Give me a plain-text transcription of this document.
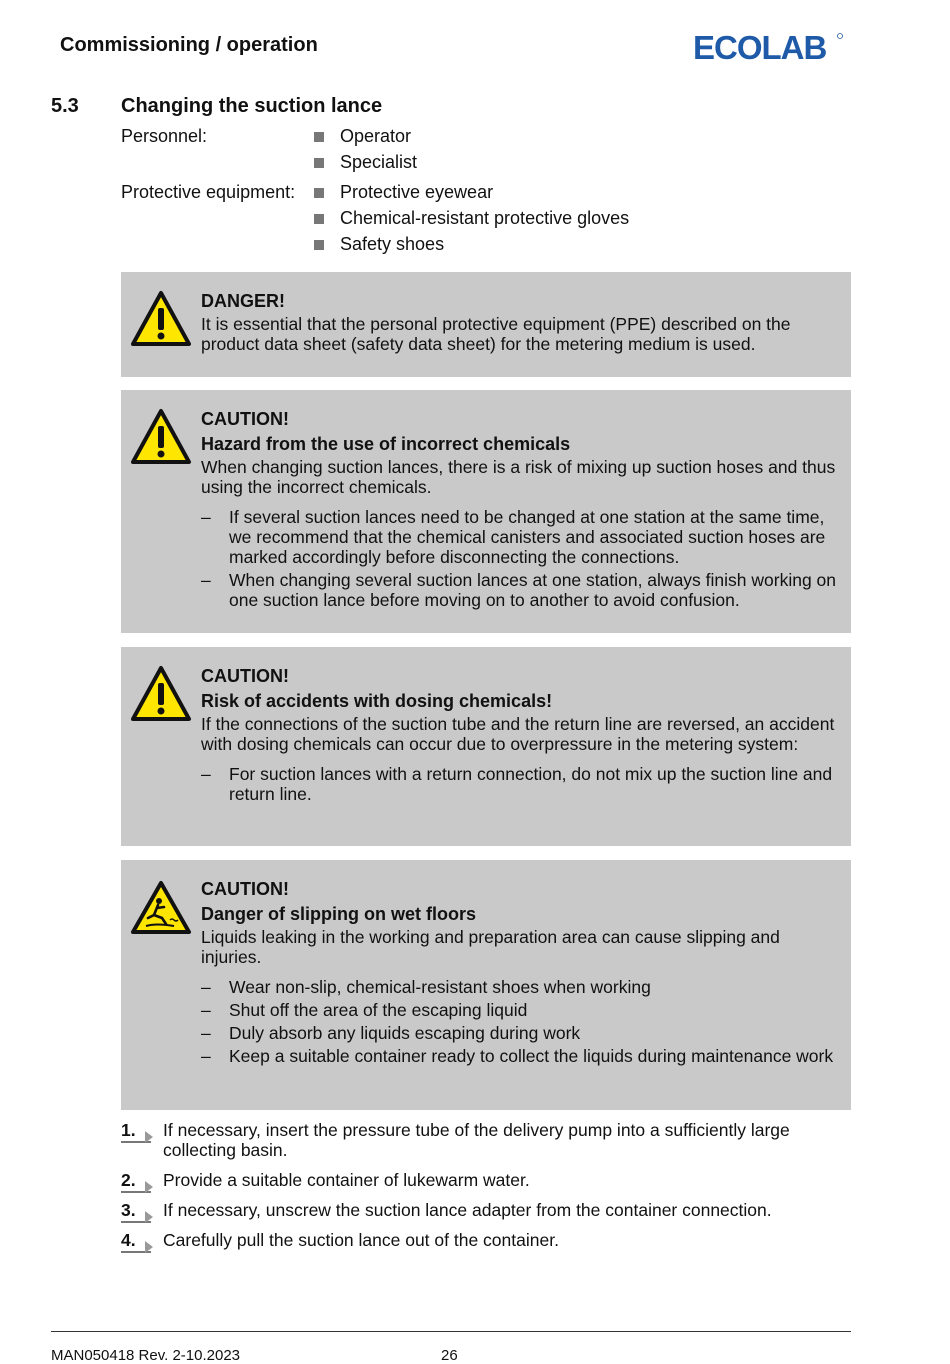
Commissioning / operation	ECOLAB
5.3 Changing the suction lance
Personnel:	Operator
Specialist
Protective equipment: Protective eyewear
Chemical-resistant protective gloves
Safety shoes
DANGER!

It is essential that the personal protective equipment (PPE) described on the product data sheet (safety data sheet) for the metering medium is used.

CAUTION!
Hazard from the use of incorrect chemicals

When changing suction lances, there is a risk of mixing up suction hoses and thus using the incorrect chemicals.

– If several suction lances need to be changed at one station at the same time, we recommend that the chemical canisters and associated suction hoses are marked accordingly before disconnecting the connections.
– When changing several suction lances at one station, always finish working on one suction lance before moving on to another to avoid confusion.
CAUTION!
Risk of accidents with dosing chemicals!

If the connections of the suction tube and the return line are reversed, an accident with dosing chemicals can occur due to overpressure in the metering system:

– For suction lances with a return connection, do not mix up the suction line and return line.
CAUTION!
Danger of slipping on wet floors

Liquids leaking in the working and preparation area can cause slipping and injuries.

– Wear non-slip, chemical-resistant shoes when working
– Shut off the area of the escaping liquid
– Duly absorb any liquids escaping during work
– Keep a suitable container ready to collect the liquids during maintenance work
1.	If necessary, insert the pressure tube of the delivery pump into a sufficiently large collecting basin.
2.	Provide a suitable container of lukewarm water.
3.	If necessary, unscrew the suction lance adapter from the container connection.
4.	Carefully pull the suction lance out of the container.
MAN050418 Rev. 2-10.2023	26
